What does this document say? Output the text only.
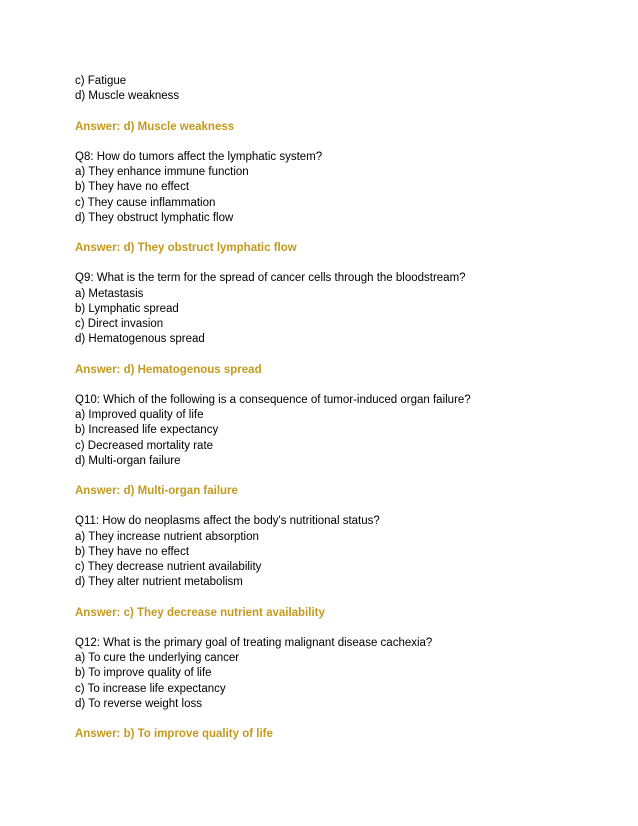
c) Fatigue
d) Muscle weakness
Answer: d) Muscle weakness
Q8: How do tumors affect the lymphatic system?
a) They enhance immune function
b) They have no effect
c) They cause inflammation
d) They obstruct lymphatic flow
Answer: d) They obstruct lymphatic flow
Q9: What is the term for the spread of cancer cells through the bloodstream?
a) Metastasis
b) Lymphatic spread
c) Direct invasion
d) Hematogenous spread
Answer: d) Hematogenous spread
Q10: Which of the following is a consequence of tumor-induced organ failure?
a) Improved quality of life
b) Increased life expectancy
c) Decreased mortality rate
d) Multi-organ failure
Answer: d) Multi-organ failure
Q11: How do neoplasms affect the body's nutritional status?
a) They increase nutrient absorption
b) They have no effect
c) They decrease nutrient availability
d) They alter nutrient metabolism
Answer: c) They decrease nutrient availability
Q12: What is the primary goal of treating malignant disease cachexia?
a) To cure the underlying cancer
b) To improve quality of life
c) To increase life expectancy
d) To reverse weight loss
Answer: b) To improve quality of life
